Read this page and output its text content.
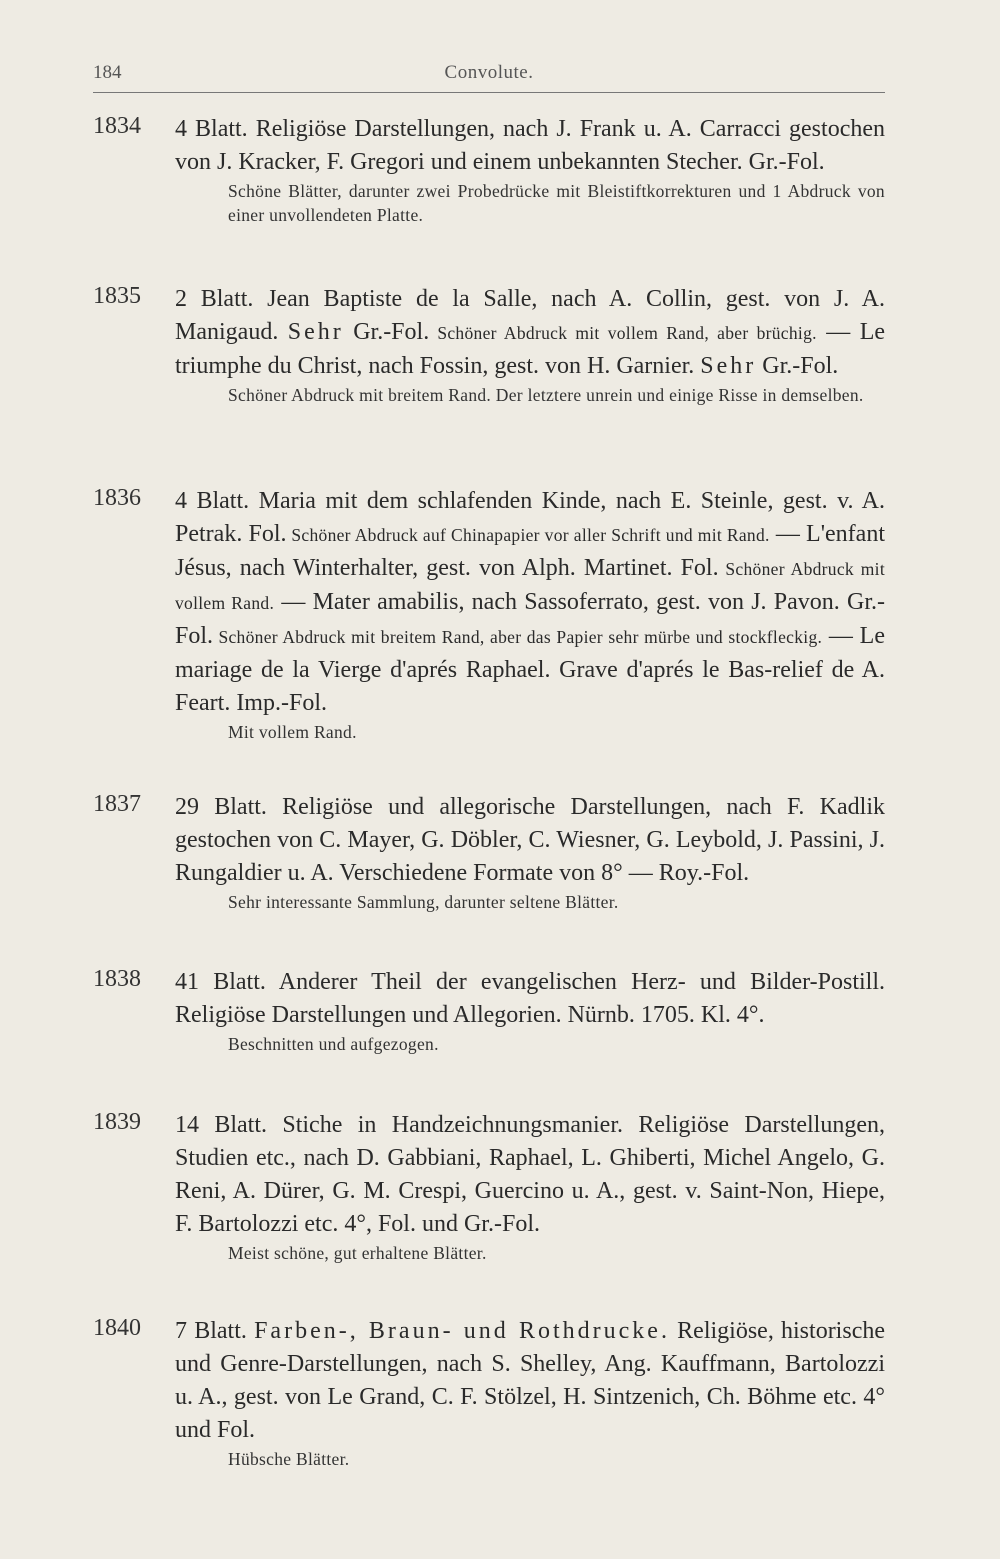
184	Convolute.
1834 4 Blatt. Religiöse Darstellungen, nach J. Frank u. A. Carracci gestochen von J. Kracker, F. Gregori und einem unbekannten Stecher. Gr.-Fol.
Schöne Blätter, darunter zwei Probedrücke mit Bleistiftkorrekturen und 1 Abdruck von einer unvollendeten Platte.
1835 2 Blatt. Jean Baptiste de la Salle, nach A. Collin, gest. von J. A. Manigaud. Sehr Gr.-Fol. Schöner Abdruck mit vollem Rand, aber brüchig. — Le triumphe du Christ, nach Fossin, gest. von H. Garnier. Sehr Gr.-Fol.
Schöner Abdruck mit breitem Rand. Der letztere unrein und einige Risse in demselben.
1836 4 Blatt. Maria mit dem schlafenden Kinde, nach E. Steinle, gest. v. A. Petrak. Fol. Schöner Abdruck auf Chinapapier vor aller Schrift und mit Rand. — L'enfant Jésus, nach Winterhalter, gest. von Alph. Martinet. Fol. Schöner Abdruck mit vollem Rand. — Mater amabilis, nach Sassoferrato, gest. von J. Pavon. Gr.-Fol. Schöner Abdruck mit breitem Rand, aber das Papier sehr mürbe und stockfleckig. — Le mariage de la Vierge d'aprés Raphael. Grave d'aprés le Bas-relief de A. Feart. Imp.-Fol.
Mit vollem Rand.
1837 29 Blatt. Religiöse und allegorische Darstellungen, nach F. Kadlik gestochen von C. Mayer, G. Döbler, C. Wiesner, G. Leybold, J. Passini, J. Rungaldier u. A. Verschiedene Formate von 8° — Roy.-Fol.
Sehr interessante Sammlung, darunter seltene Blätter.
1838 41 Blatt. Anderer Theil der evangelischen Herz- und Bilder-Postill. Religiöse Darstellungen und Allegorien. Nürnb. 1705. Kl. 4°.
Beschnitten und aufgezogen.
1839 14 Blatt. Stiche in Handzeichnungsmanier. Religiöse Darstellungen, Studien etc., nach D. Gabbiani, Raphael, L. Ghiberti, Michel Angelo, G. Reni, A. Dürer, G. M. Crespi, Guercino u. A., gest. v. Saint-Non, Hiepe, F. Bartolozzi etc. 4°, Fol. und Gr.-Fol.
Meist schöne, gut erhaltene Blätter.
1840 7 Blatt. Farben-, Braun- und Rothdrucke. Religiöse, historische und Genre-Darstellungen, nach S. Shelley, Ang. Kauffmann, Bartolozzi u. A., gest. von Le Grand, C. F. Stölzel, H. Sintzenich, Ch. Böhme etc. 4° und Fol.
Hübsche Blätter.
